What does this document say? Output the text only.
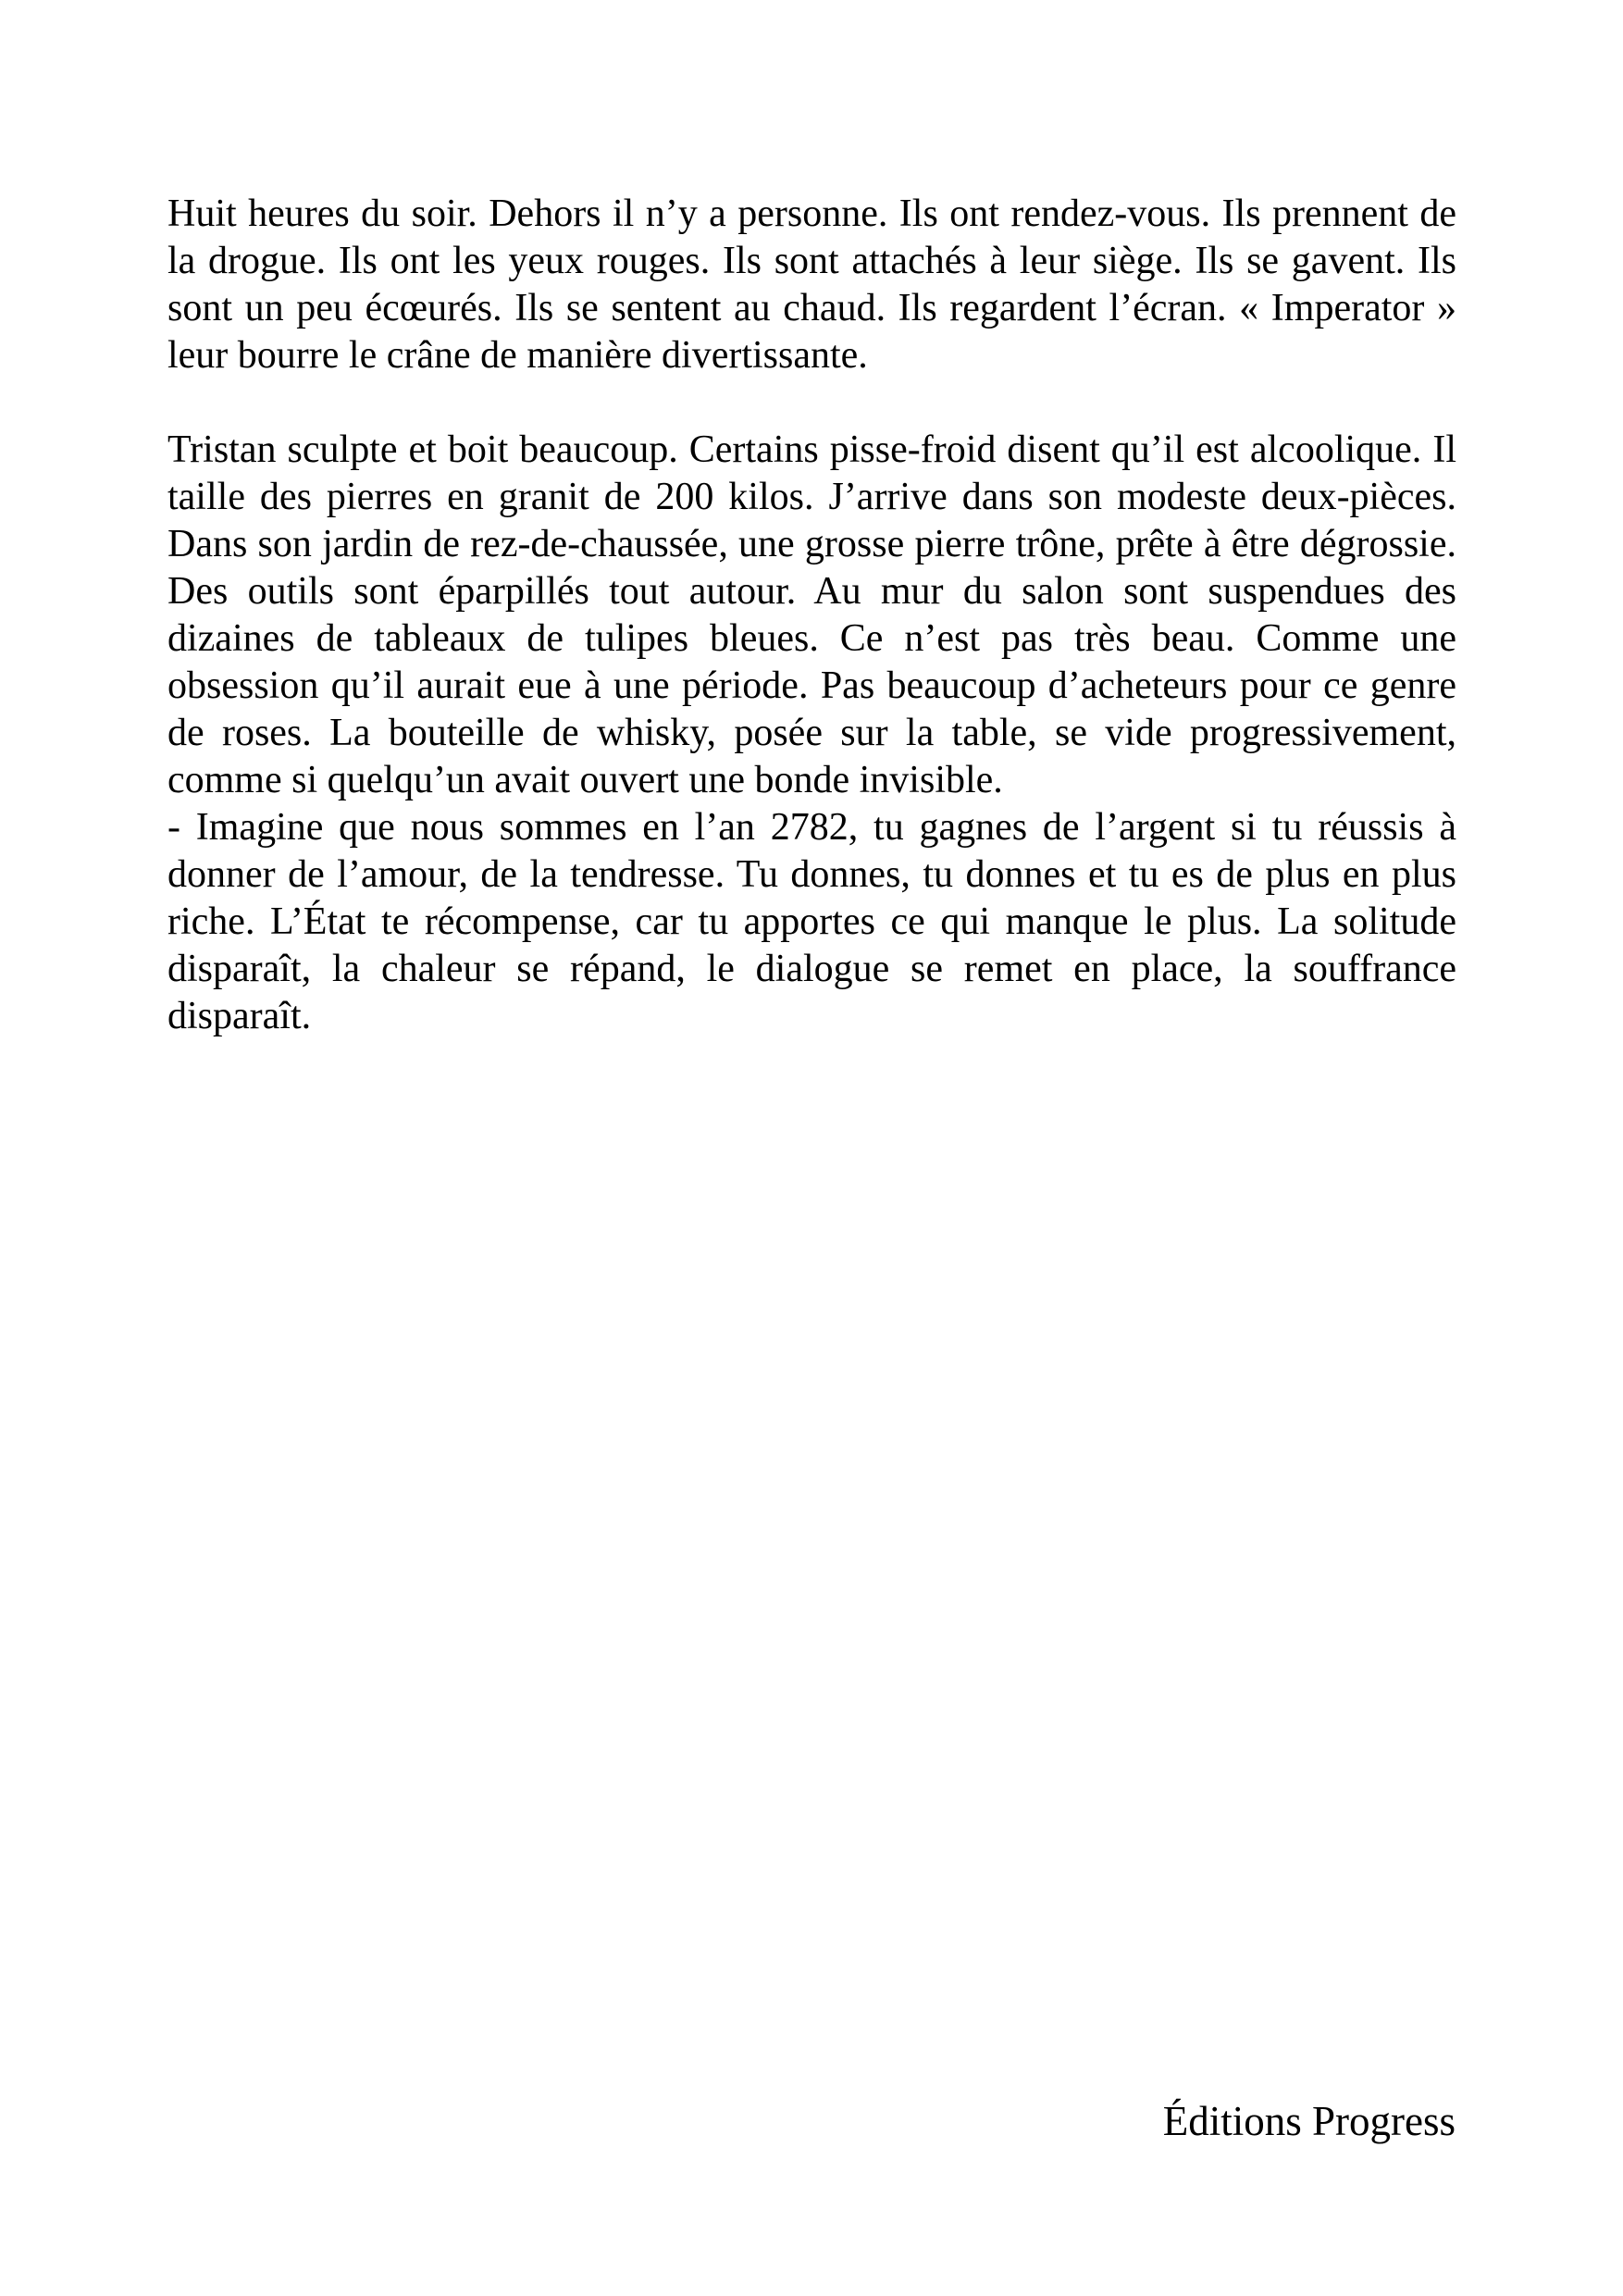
Huit heures du soir. Dehors il n’y a personne. Ils ont rendez-vous. Ils prennent de la drogue. Ils ont les yeux rouges. Ils sont attachés à leur siège. Ils se gavent. Ils sont un peu écœurés. Ils se sentent au chaud. Ils regardent l’écran. « Imperator » leur bourre le crâne de manière divertissante.

Tristan sculpte et boit beaucoup. Certains pisse-froid disent qu’il est alcoolique. Il taille des pierres en granit de 200 kilos. J’arrive dans son modeste deux-pièces. Dans son jardin de rez-de-chaussée, une grosse pierre trône, prête à être dégrossie. Des outils sont éparpillés tout autour. Au mur du salon sont suspendues des dizaines de tableaux de tulipes bleues. Ce n’est pas très beau. Comme une obsession qu’il aurait eue à une période. Pas beaucoup d’acheteurs pour ce genre de roses. La bouteille de whisky, posée sur la table, se vide progressivement, comme si quelqu’un avait ouvert une bonde invisible.

- Imagine que nous sommes en l’an 2782, tu gagnes de l’argent si tu réussis à donner de l’amour, de la tendresse. Tu donnes, tu donnes et tu es de plus en plus riche. L’État te récompense, car tu apportes ce qui manque le plus. La solitude disparaît, la chaleur se répand, le dialogue se remet en place, la souffrance disparaît.

Éditions Progress
